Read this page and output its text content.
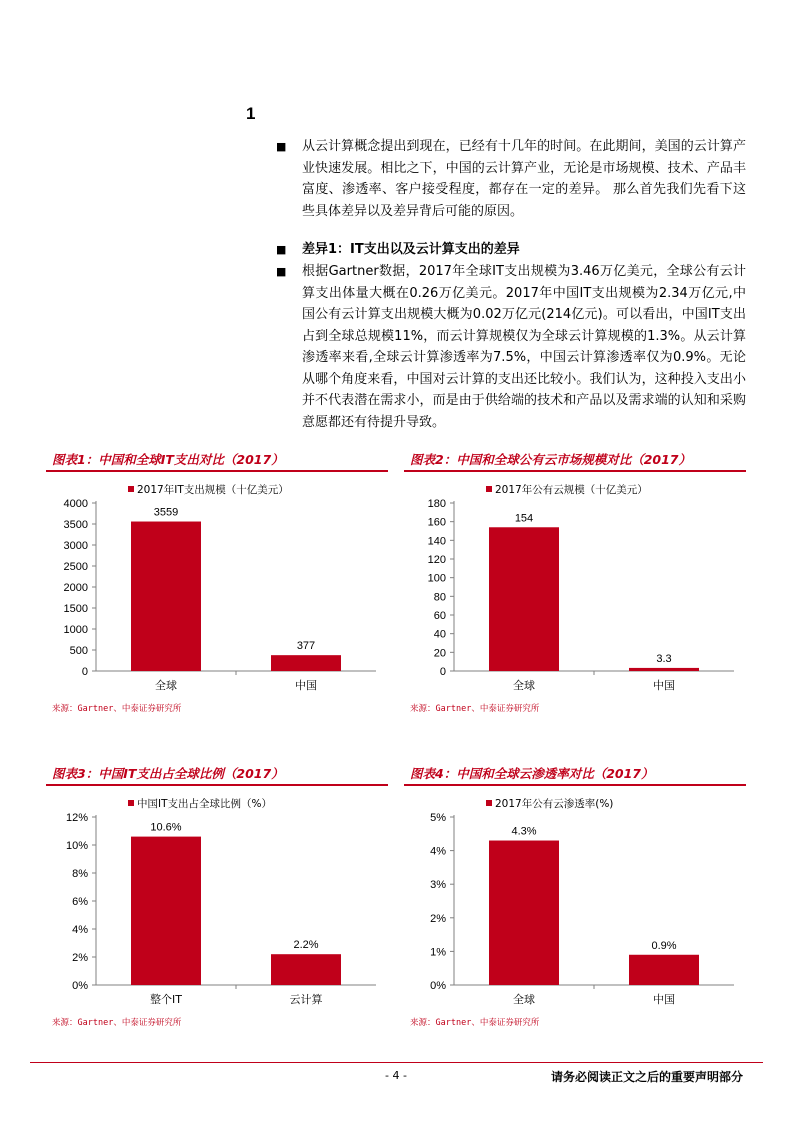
1
■ 从云计算概念提出到现在，已经有十几年的时间。在此期间，美国的云计算产业快速发展。相比之下，中国的云计算产业，无论是市场规模、技术、产品丰富度、渗透率、客户接受程度，都存在一定的差异。 那么首先我们先看下这些具体差异以及差异背后可能的原因。
■ 差异1：IT支出以及云计算支出的差异
■ 根据Gartner数据，2017年全球IT支出规模为3.46万亿美元，全球公有云计算支出体量大概在0.26万亿美元。2017年中国IT支出规模为2.34万亿元,中国公有云计算支出规模大概为0.02万亿元(214亿元)。可以看出，中国IT支出占到全球总规模11%，而云计算规模仅为全球云计算规模的1.3%。从云计算渗透率来看,全球云计算渗透率为7.5%，中国云计算渗透率仅为0.9%。无论从哪个角度来看，中国对云计算的支出还比较小。我们认为，这种投入支出小并不代表潜在需求小，而是由于供给端的技术和产品以及需求端的认知和采购意愿都还有待提升导致。
图表1：中国和全球IT支出对比（2017）
2017年IT支出规模（十亿美元）
0
500
1000
1500
2000
2500
3000
3500
4000
3559
全球
377
中国
来源：Gartner、中泰证券研究所
图表2：中国和全球公有云市场规模对比（2017）
2017年公有云规模（十亿美元）
0
20
40
60
80
100
120
140
160
180
154
全球
3.3
中国
来源：Gartner、中泰证券研究所
图表3：中国IT支出占全球比例（2017）
中国IT支出占全球比例（%）
0%
2%
4%
6%
8%
10%
12%
10.6%
整个IT
2.2%
云计算
来源：Gartner、中泰证券研究所
图表4：中国和全球云渗透率对比（2017）
2017年公有云渗透率(%)
0%
1%
2%
3%
4%
5%
4.3%
全球
0.9%
中国
来源：Gartner、中泰证券研究所
- 4 -	请务必阅读正文之后的重要声明部分
